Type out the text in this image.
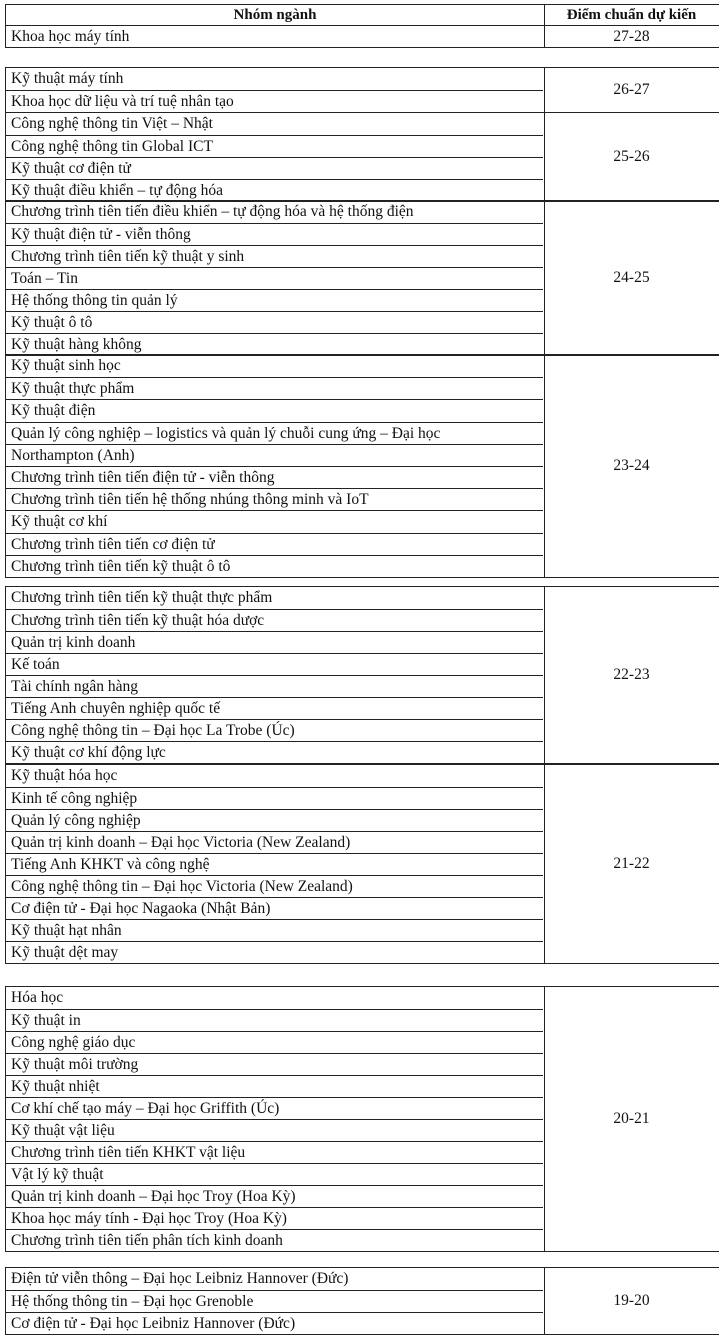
Nhóm ngành	Điểm chuẩn dự kiến
Khoa học máy tính	27-28
Kỹ thuật máy tính
Khoa học dữ liệu và trí tuệ nhân tạo
26-27
Công nghệ thông tin Việt – Nhật
Công nghệ thông tin Global ICT
Kỹ thuật cơ điện tử
Kỹ thuật điều khiển – tự động hóa
25-26
Chương trình tiên tiến điều khiển – tự động hóa và hệ thống điện
Kỹ thuật điện tử - viễn thông
Chương trình tiên tiến kỹ thuật y sinh
Toán – Tin
Hệ thống thông tin quản lý
Kỹ thuật ô tô
Kỹ thuật hàng không
24-25
Kỹ thuật sinh học
Kỹ thuật thực phẩm
Kỹ thuật điện
Quản lý công nghiệp – logistics và quản lý chuỗi cung ứng – Đại học
Northampton (Anh)
Chương trình tiên tiến điện tử - viễn thông
Chương trình tiên tiến hệ thống nhúng thông minh và IoT
Kỹ thuật cơ khí
Chương trình tiên tiến cơ điện tử
Chương trình tiên tiến kỹ thuật ô tô
23-24
Chương trình tiên tiến kỹ thuật thực phẩm
Chương trình tiên tiến kỹ thuật hóa dược
Quản trị kinh doanh
Kế toán
Tài chính ngân hàng
Tiếng Anh chuyên nghiệp quốc tế
Công nghệ thông tin – Đại học La Trobe (Úc)
Kỹ thuật cơ khí động lực
22-23
Kỹ thuật hóa học
Kinh tế công nghiệp
Quản lý công nghiệp
Quản trị kinh doanh – Đại học Victoria (New Zealand)
Tiếng Anh KHKT và công nghệ
Công nghệ thông tin – Đại học Victoria (New Zealand)
Cơ điện tử - Đại học Nagaoka (Nhật Bản)
Kỹ thuật hạt nhân
Kỹ thuật dệt may
21-22
Hóa học
Kỹ thuật in
Công nghệ giáo dục
Kỹ thuật môi trường
Kỹ thuật nhiệt
Cơ khí chế tạo máy – Đại học Griffith (Úc)
Kỹ thuật vật liệu
Chương trình tiên tiến KHKT vật liệu
Vật lý kỹ thuật
Quản trị kinh doanh – Đại học Troy (Hoa Kỳ)
Khoa học máy tính - Đại học Troy (Hoa Kỳ)
Chương trình tiên tiến phân tích kinh doanh
20-21
Điện tử viễn thông – Đại học Leibniz Hannover (Đức)
Hệ thống thông tin – Đại học Grenoble
Cơ điện tử - Đại học Leibniz Hannover (Đức)
19-20
